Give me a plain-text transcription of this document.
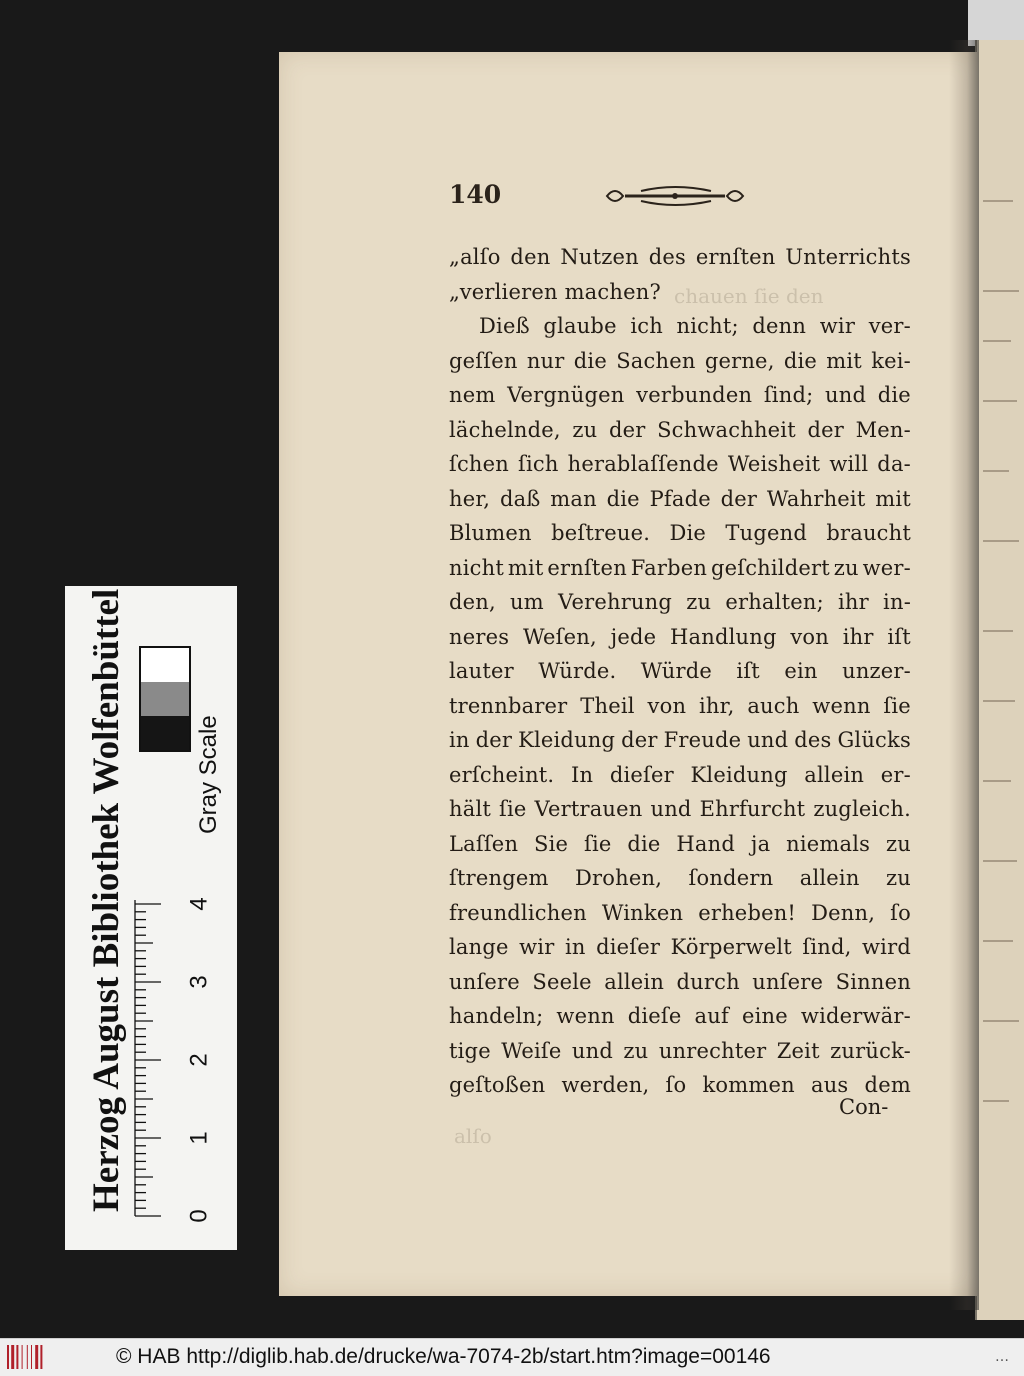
chauen ſie den
alſo
140
„alſo den Nutzen des ernſten Unterrichts
„verlieren machen?
Dieß glaube ich nicht; denn wir ver-
geſſen nur die Sachen gerne, die mit kei-
nem Vergnügen verbunden ſind; und die
lächelnde, zu der Schwachheit der Men-
ſchen ſich herablaſſende Weisheit will da-
her, daß man die Pfade der Wahrheit mit
Blumen beſtreue. Die Tugend braucht
nicht mit ernſten Farben geſchildert zu wer-
den, um Verehrung zu erhalten; ihr in-
neres Weſen, jede Handlung von ihr iſt
lauter Würde. Würde iſt ein unzer-
trennbarer Theil von ihr, auch wenn ſie
in der Kleidung der Freude und des Glücks
erſcheint. In dieſer Kleidung allein er-
hält ſie Vertrauen und Ehrfurcht zugleich.
Laſſen Sie ſie die Hand ja niemals zu
ſtrengem Drohen, ſondern allein zu
freundlichen Winken erheben! Denn, ſo
lange wir in dieſer Körperwelt ſind, wird
unſere Seele allein durch unſere Sinnen
handeln; wenn dieſe auf eine widerwär-
tige Weiſe und zu unrechter Zeit zurück-
geſtoßen werden, ſo kommen aus dem
Con-
Herzog August Bibliothek Wolfenbüttel	Gray Scale
0
1
2
3
4
© HAB http://diglib.hab.de/drucke/wa-7074-2b/start.htm?image=00146	…
